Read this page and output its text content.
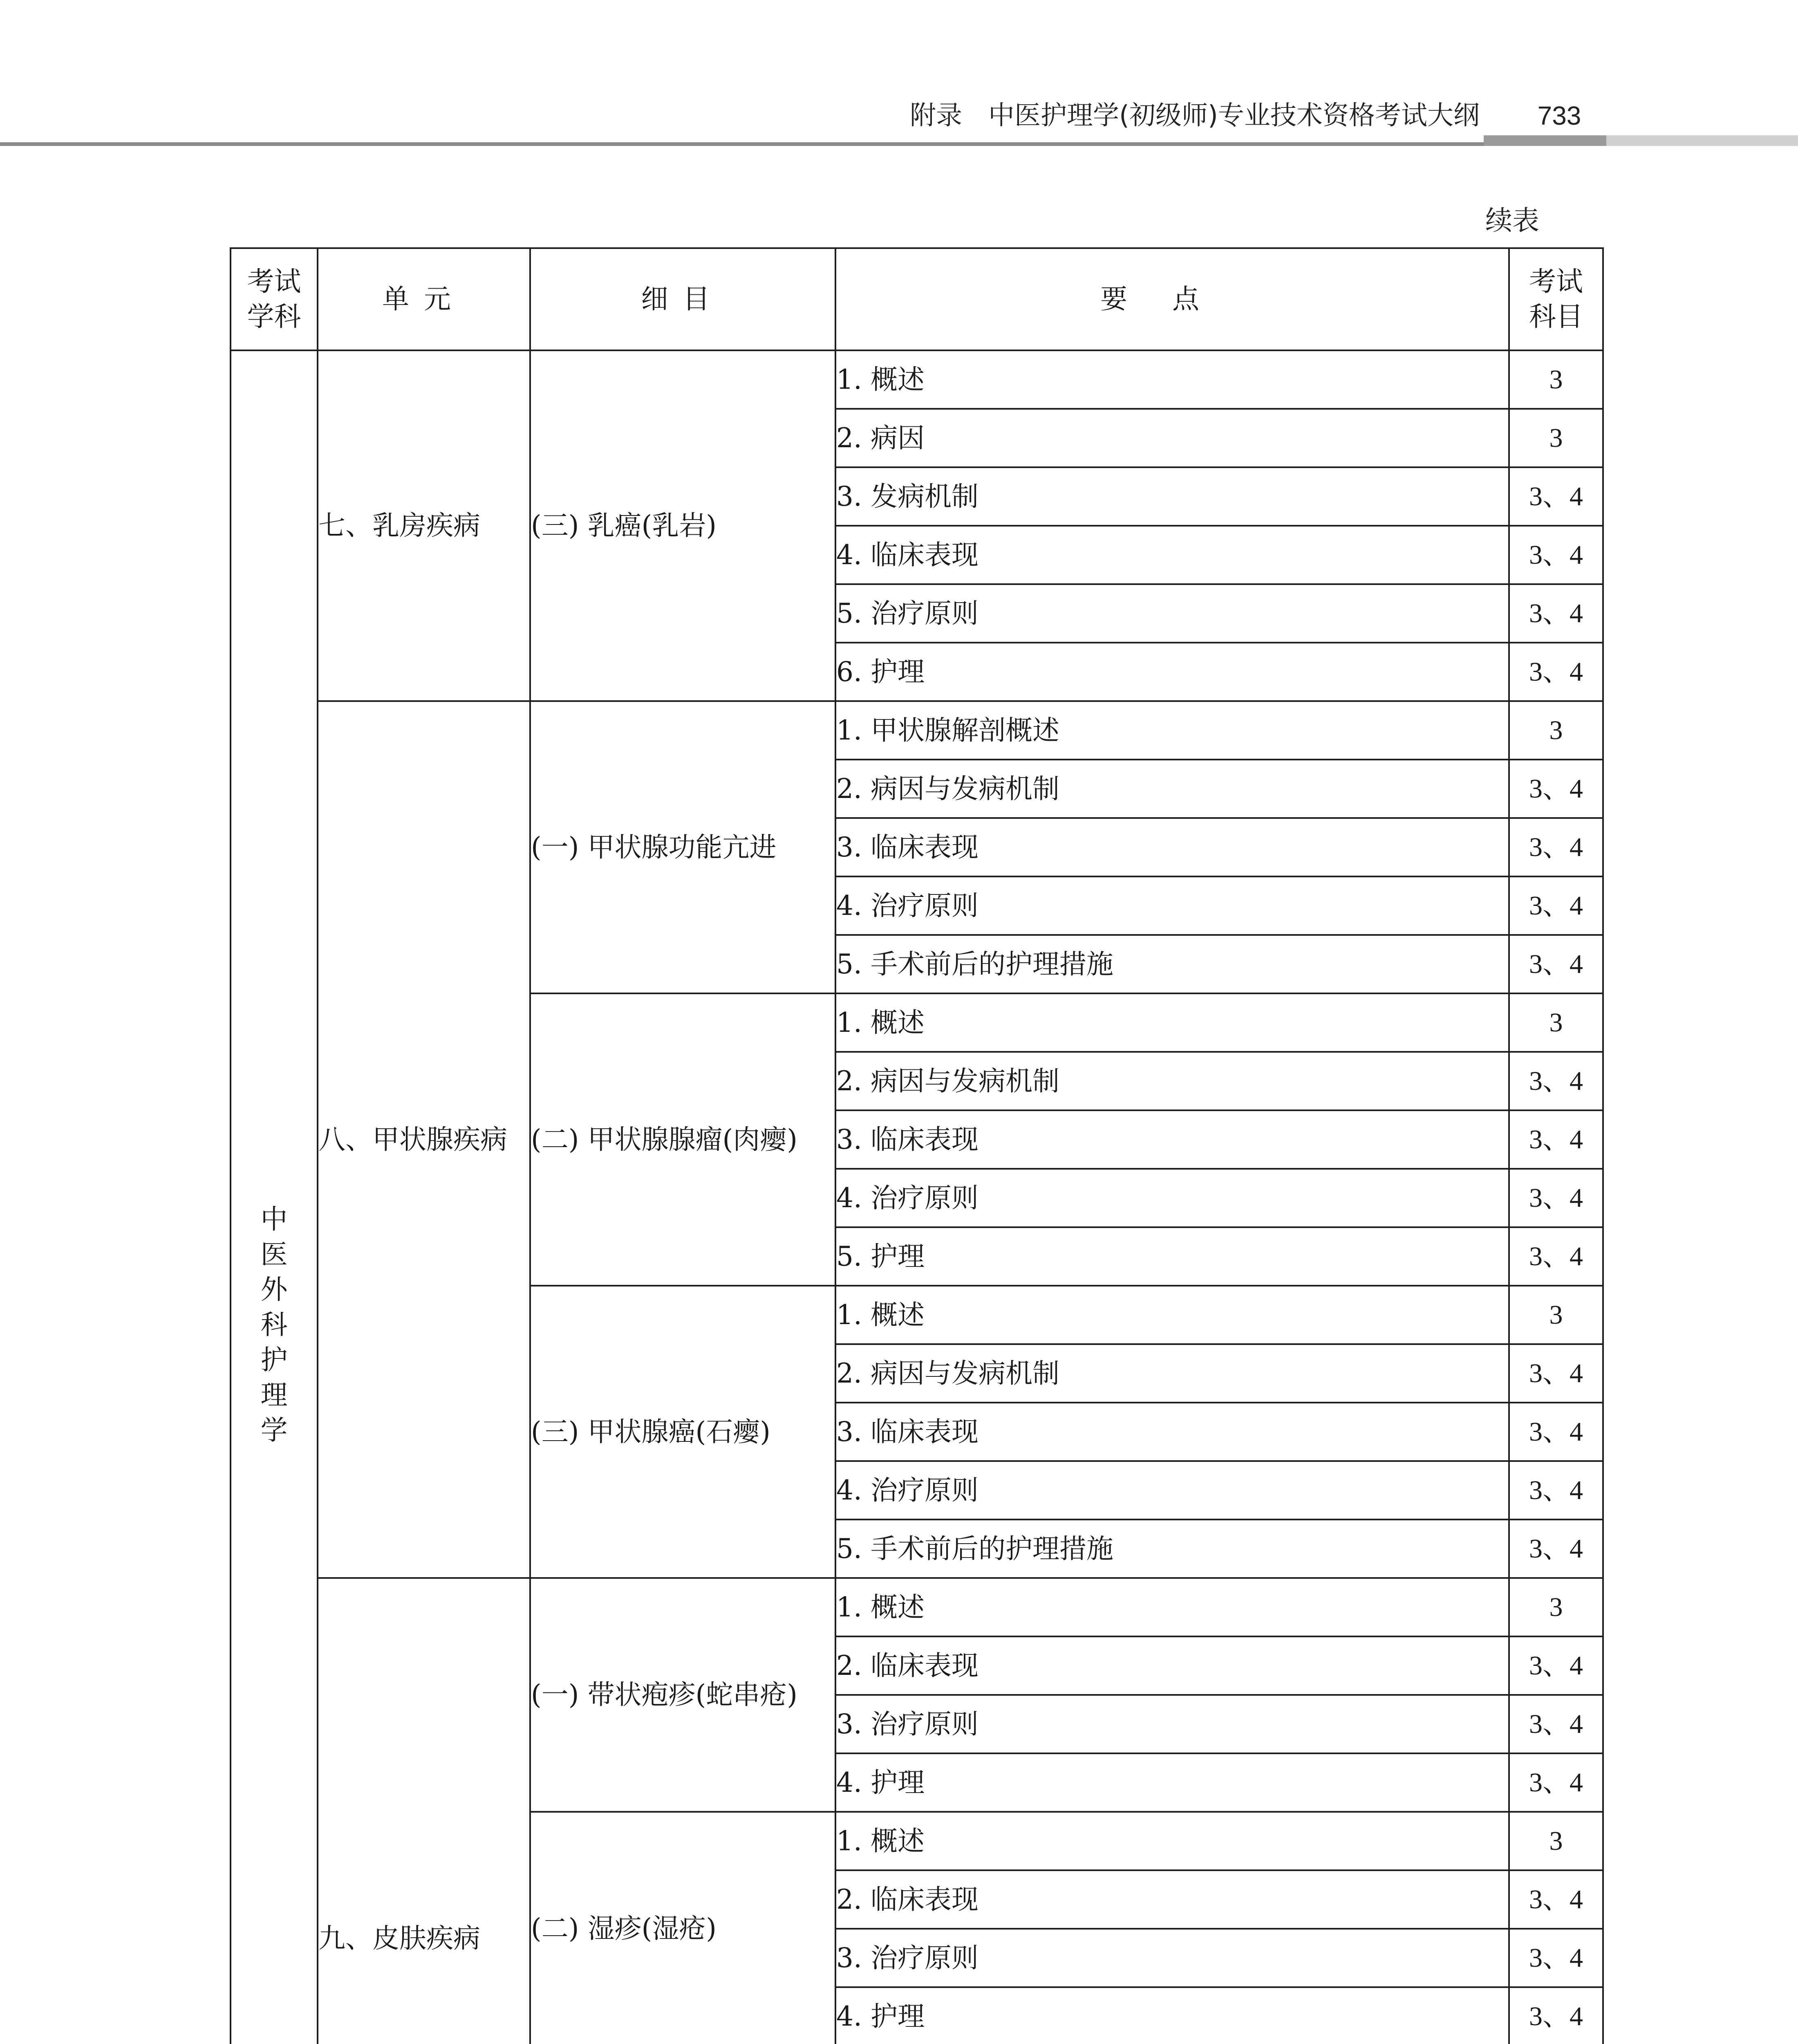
附录　中医护理学(初级师)专业技术资格考试大纲	733
续表
考试学科	单元	细目	要点	考试科目
中医外科护理学	七、乳房疾病	(三) 乳癌(乳岩)	1. 概述	3
			2. 病因	3
			3. 发病机制	3、4
			4. 临床表现	3、4
			5. 治疗原则	3、4
			6. 护理	3、4
	八、甲状腺疾病	(一) 甲状腺功能亢进	1. 甲状腺解剖概述	3
			2. 病因与发病机制	3、4
			3. 临床表现	3、4
			4. 治疗原则	3、4
			5. 手术前后的护理措施	3、4
		(二) 甲状腺腺瘤(肉瘿)	1. 概述	3
			2. 病因与发病机制	3、4
			3. 临床表现	3、4
			4. 治疗原则	3、4
			5. 护理	3、4
		(三) 甲状腺癌(石瘿)	1. 概述	3
			2. 病因与发病机制	3、4
			3. 临床表现	3、4
			4. 治疗原则	3、4
			5. 手术前后的护理措施	3、4
	九、皮肤疾病	(一) 带状疱疹(蛇串疮)	1. 概述	3
			2. 临床表现	3、4
			3. 治疗原则	3、4
			4. 护理	3、4
		(二) 湿疹(湿疮)	1. 概述	3
			2. 临床表现	3、4
			3. 治疗原则	3、4
			4. 护理	3、4
